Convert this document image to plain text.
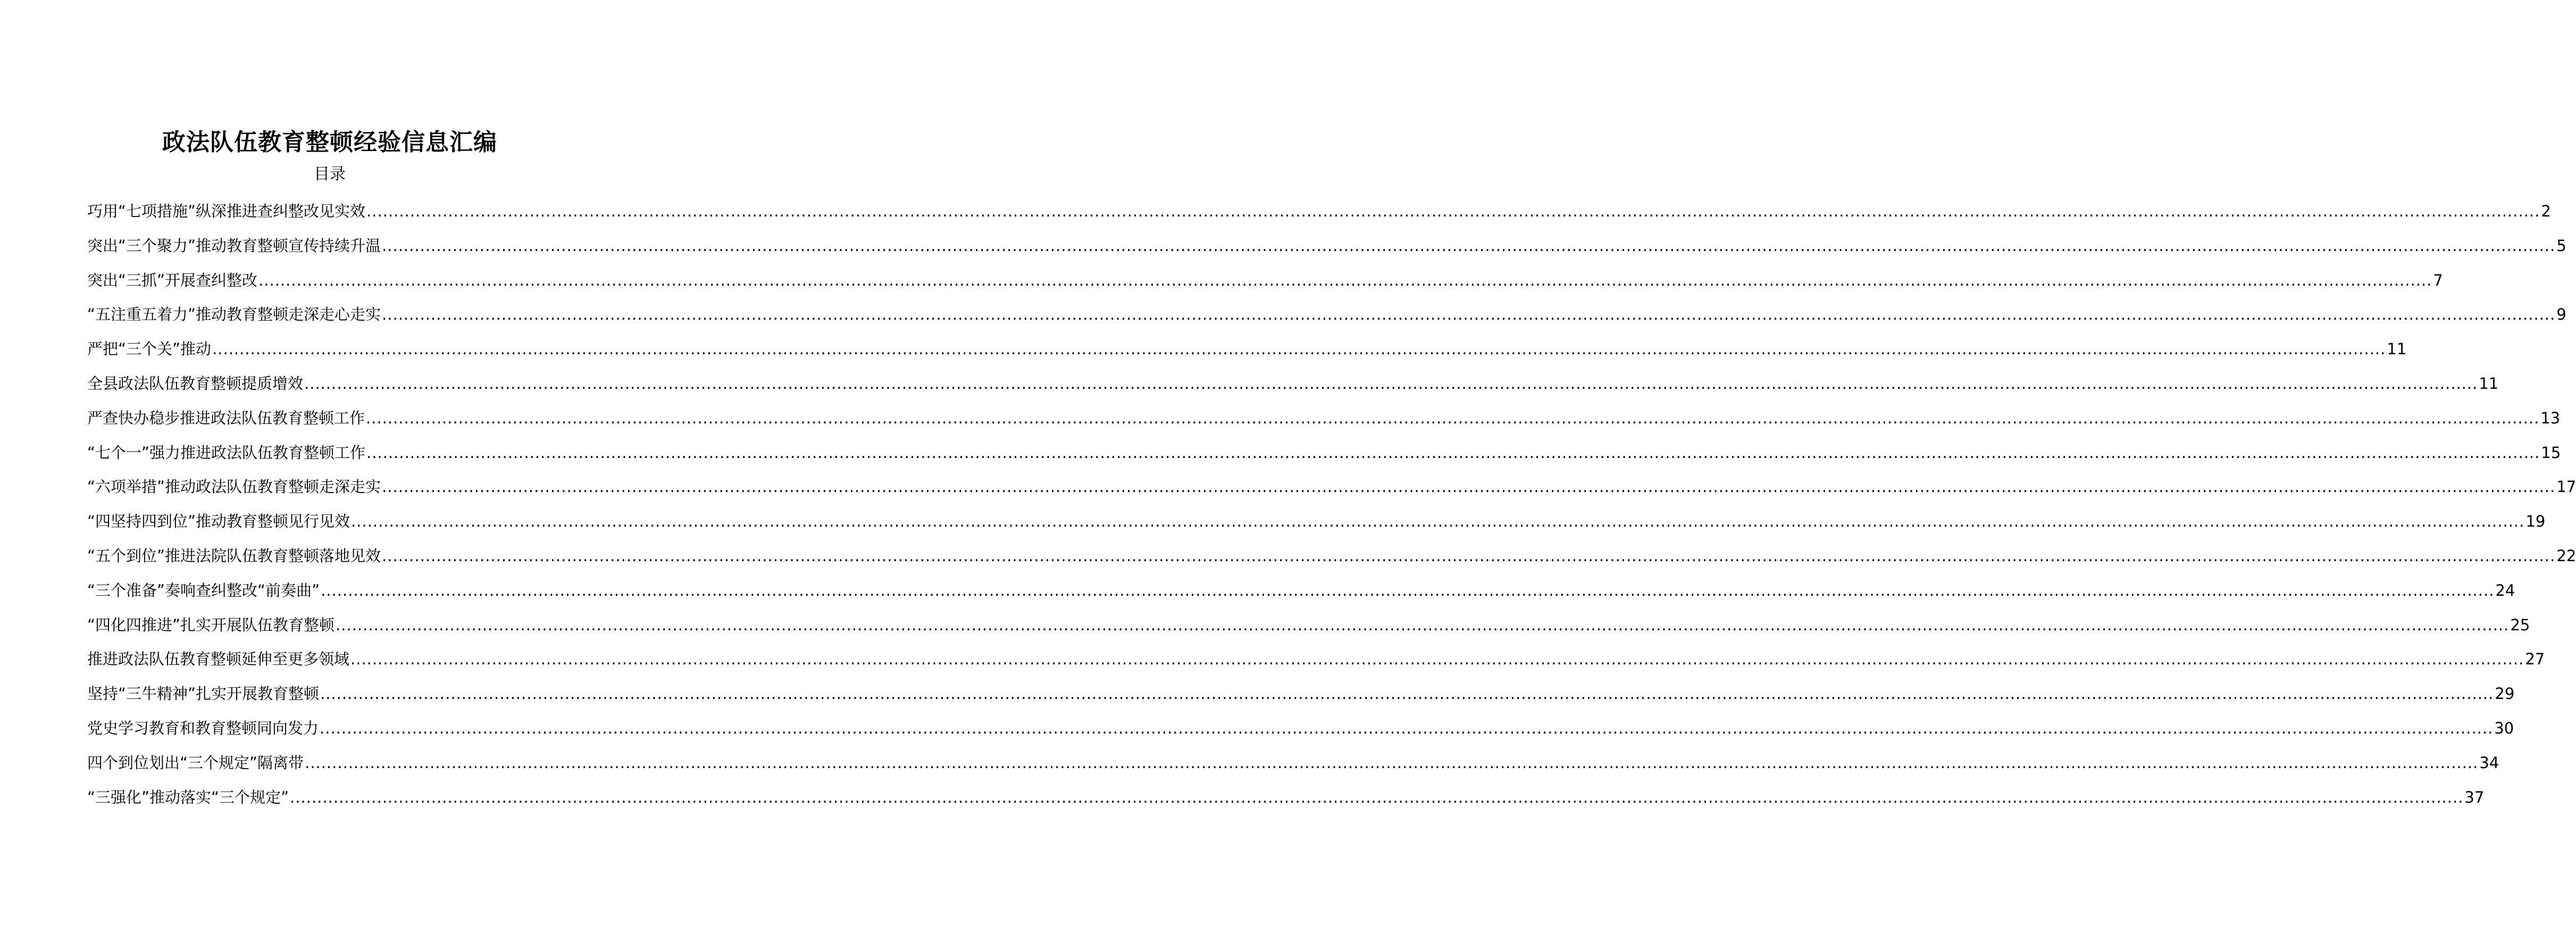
政法队伍教育整顿经验信息汇编
目录
巧用“七项措施”纵深推进查纠整改见实效 ................................................................................................................................................................................................................................................................................................................................................................................................................ 2
突出“三个聚力”推动教育整顿宣传持续升温 ................................................................................................................................................................................................................................................................................................................................................................................................................ 5
突出“三抓”开展查纠整改 ................................................................................................................................................................................................................................................................................................................................................................................................................ 7
“五注重五着力”推动教育整顿走深走心走实 ................................................................................................................................................................................................................................................................................................................................................................................................................ 9
严把“三个关”推动 ................................................................................................................................................................................................................................................................................................................................................................................................................ 11
全县政法队伍教育整顿提质增效 ................................................................................................................................................................................................................................................................................................................................................................................................................ 11
严查快办稳步推进政法队伍教育整顿工作 ................................................................................................................................................................................................................................................................................................................................................................................................................ 13
“七个一”强力推进政法队伍教育整顿工作 ................................................................................................................................................................................................................................................................................................................................................................................................................ 15
“六项举措”推动政法队伍教育整顿走深走实 ................................................................................................................................................................................................................................................................................................................................................................................................................ 17
“四坚持四到位”推动教育整顿见行见效 ................................................................................................................................................................................................................................................................................................................................................................................................................ 19
“五个到位”推进法院队伍教育整顿落地见效 ................................................................................................................................................................................................................................................................................................................................................................................................................ 22
“三个准备”奏响查纠整改“前奏曲” ................................................................................................................................................................................................................................................................................................................................................................................................................ 24
“四化四推进”扎实开展队伍教育整顿 ................................................................................................................................................................................................................................................................................................................................................................................................................ 25
推进政法队伍教育整顿延伸至更多领域 ................................................................................................................................................................................................................................................................................................................................................................................................................ 27
坚持“三牛精神”扎实开展教育整顿 ................................................................................................................................................................................................................................................................................................................................................................................................................ 29
党史学习教育和教育整顿同向发力 ................................................................................................................................................................................................................................................................................................................................................................................................................ 30
四个到位划出“三个规定”隔离带 ................................................................................................................................................................................................................................................................................................................................................................................................................ 34
“三强化”推动落实“三个规定” ................................................................................................................................................................................................................................................................................................................................................................................................................ 37
